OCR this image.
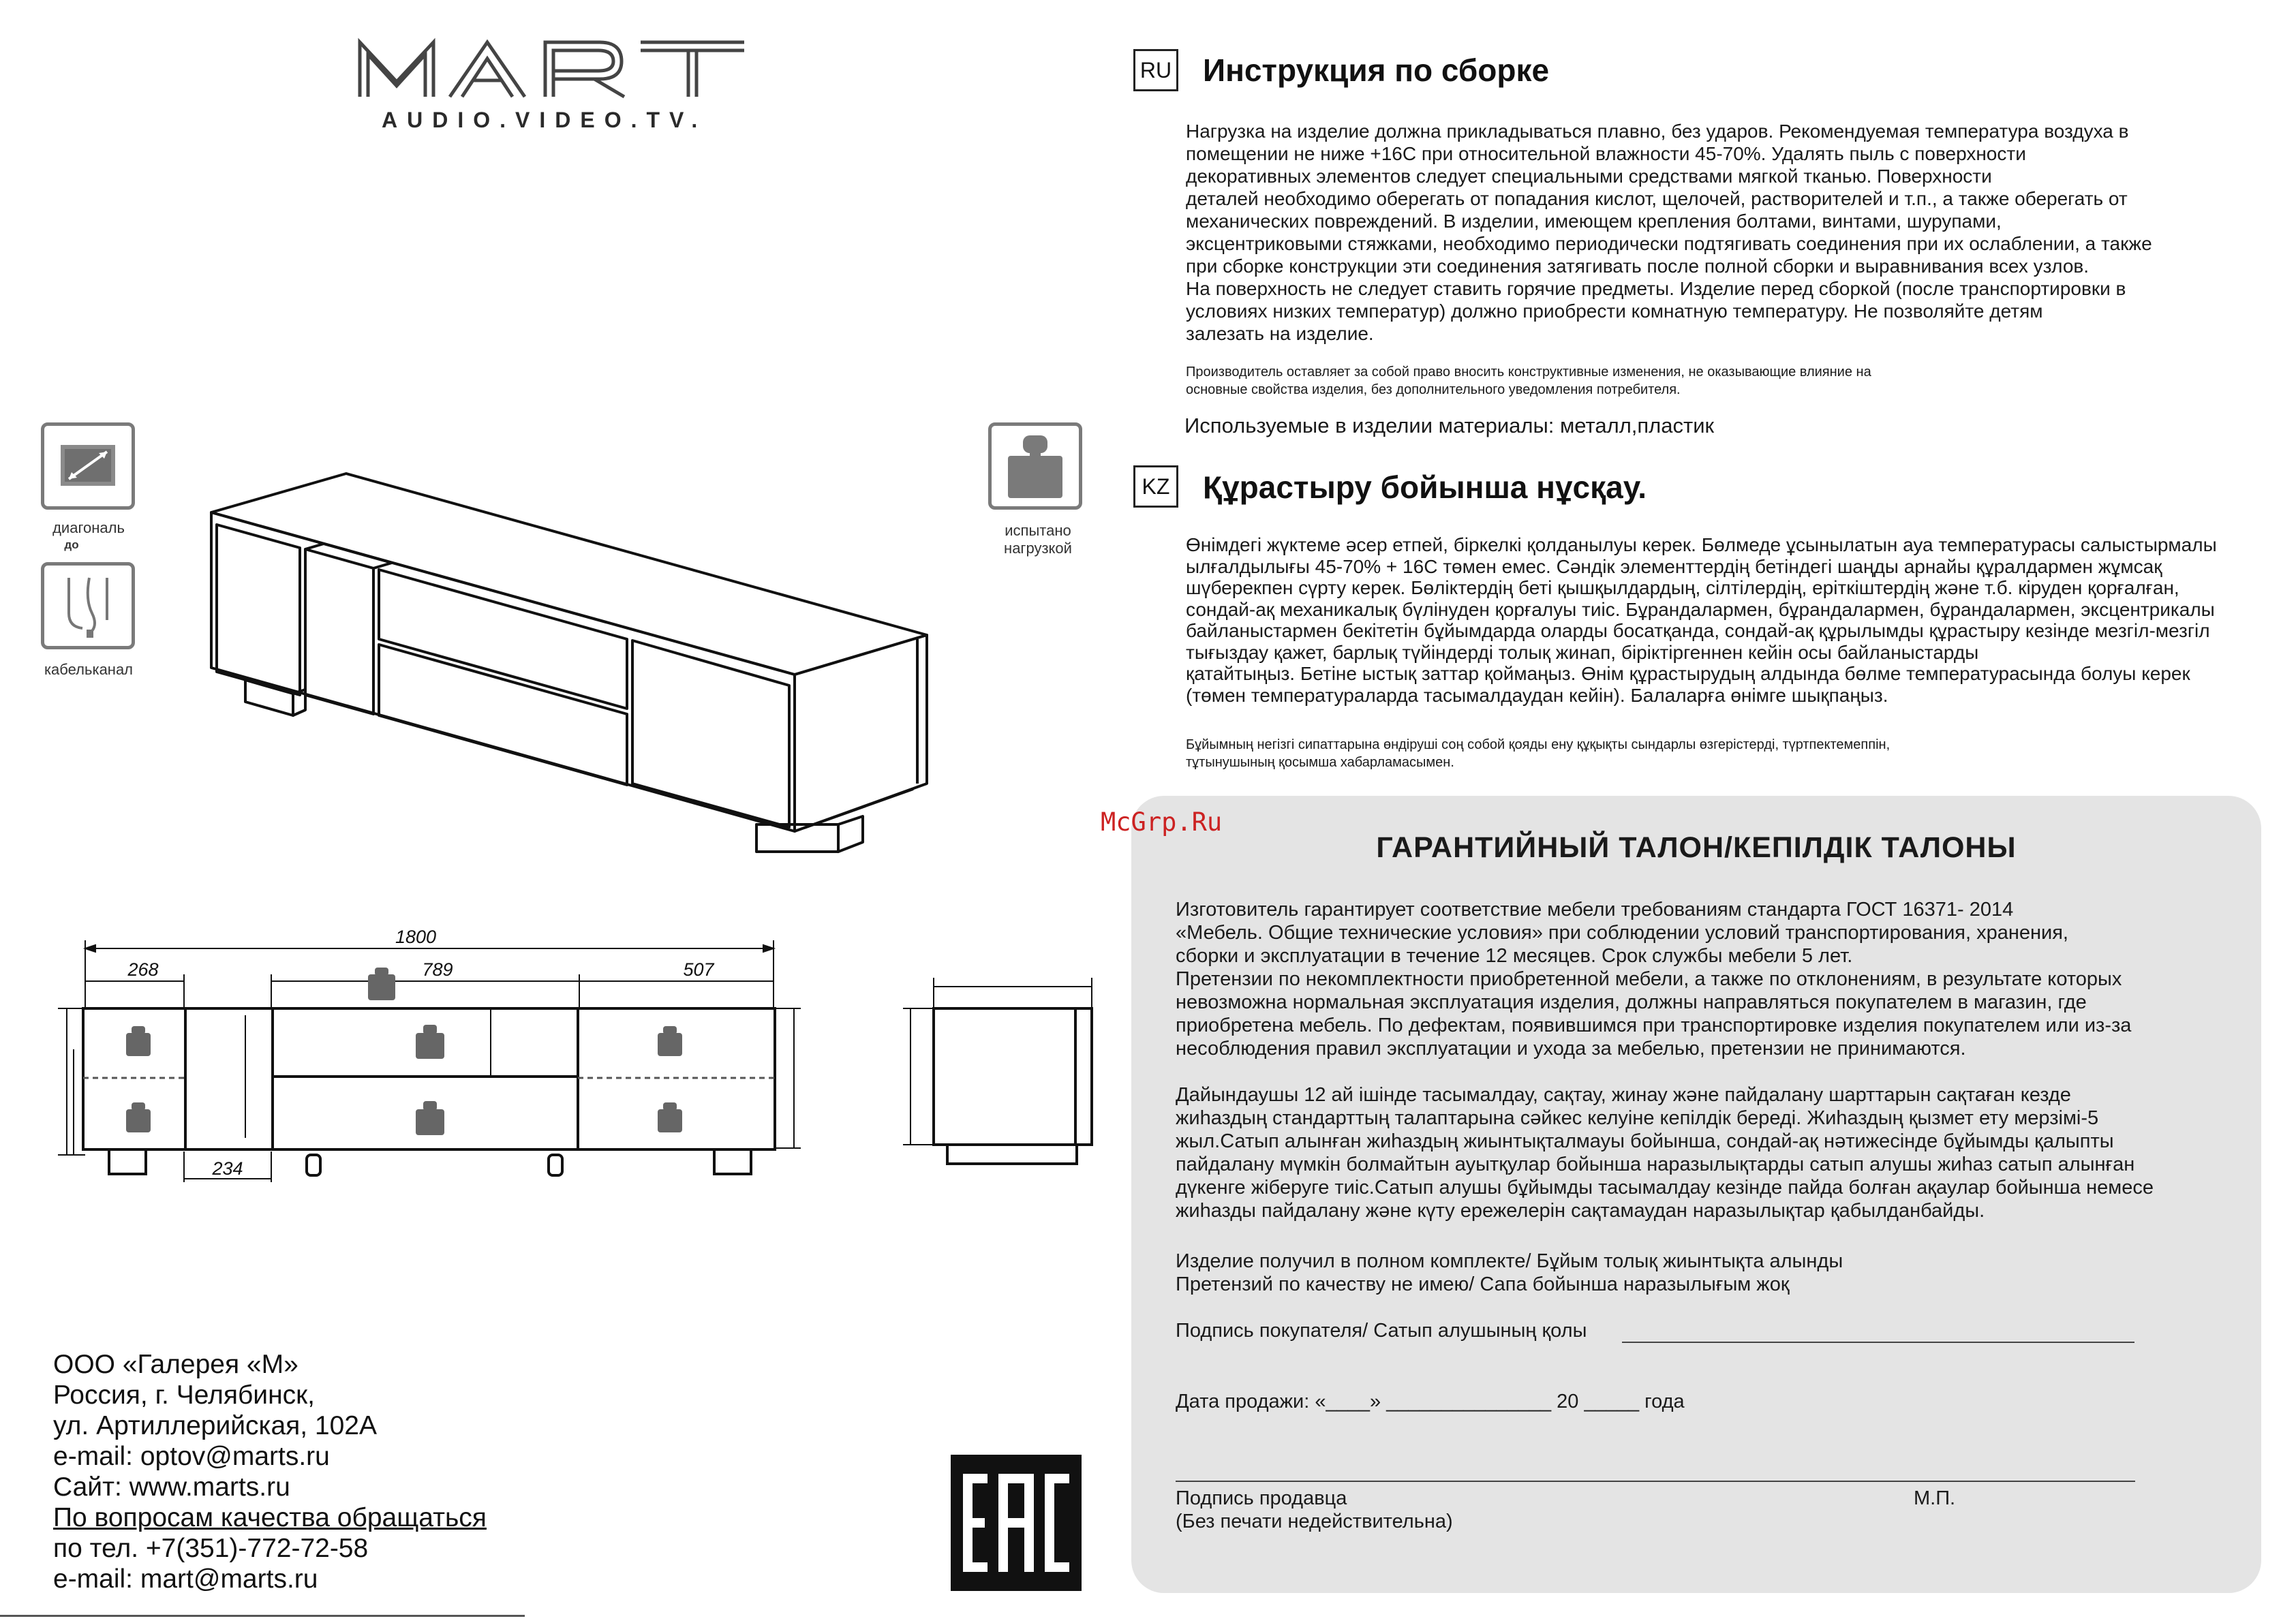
AUDIO.VIDEO.TV.
диагональ
до
кабельканал
испытано
нагрузкой
1800
268	789	507
234
ООО «Галерея «М»
Россия, г. Челябинск,
ул. Артиллерийская, 102А
e-mail: optov@marts.ru
Сайт: www.marts.ru
По вопросам качества обращаться
по тел. +7(351)-772-72-58
e-mail: mart@marts.ru
RU Инструкция по сборке
Нагрузка на изделие должна прикладываться плавно, без ударов. Рекомендуемая температура воздуха в
помещении не ниже +16С при относительной влажности 45-70%. Удалять пыль с поверхности
декоративных элементов следует специальными средствами мягкой тканью. Поверхности
деталей необходимо оберегать от попадания кислот, щелочей, растворителей и т.п., а также оберегать от
механических повреждений. В изделии, имеющем крепления болтами, винтами, шурупами,
эксцентриковыми стяжками, необходимо периодически подтягивать соединения при их ослаблении, а также
при сборке конструкции эти соединения затягивать после полной сборки и выравнивания всех узлов.
На поверхность не следует ставить горячие предметы. Изделие перед сборкой (после транспортировки в
условиях низких температур) должно приобрести комнатную температуру. Не позволяйте детям
залезать на изделие.
Производитель оставляет за собой право вносить конструктивные изменения, не оказывающие влияние на
основные свойства изделия, без дополнительного уведомления потребителя.
Используемые в изделии материалы: металл,пластик
KZ Құрастыру бойынша нұсқау.
Өнімдегі жүктеме әсер етпей, біркелкі қолданылуы керек. Бөлмеде ұсынылатын ауа температурасы салыстырмалы
ылғалдылығы 45-70% + 16С төмен емес. Сәндік элементтердің бетіндегі шаңды арнайы құралдармен жұмсақ
шүберекпен сүрту керек. Бөліктердің беті қышқылдардың, сілтілердің, еріткіштердің және т.б. кіруден қорғалған,
сондай-ақ механикалық бүлінуден қорғалуы тиіс. Бұрандалармен, бұрандалармен, бұрандалармен, эксцентрикалы
байланыстармен бекітетін бұйымдарда оларды босатқанда, сондай-ақ құрылымды құрастыру кезінде мезгіл-мезгіл
тығыздау қажет, барлық түйіндерді толық жинап, біріктіргеннен кейін осы байланыстарды
қатайтыңыз. Бетіне ыстық заттар қоймаңыз. Өнім құрастырудың алдында бөлме температурасында болуы керек
(төмен температураларда тасымалдаудан кейін). Балаларға өнімге шықпаңыз.
Бұйымның негізгі сипаттарына өндіруші соң собой қояды ену құқықты сындарлы өзгерістерді, түртпектемеппін,
тұтынушының қосымша хабарламасымен.
ГАРАНТИЙНЫЙ ТАЛОН/КЕПІЛДІК ТАЛОНЫ
Изготовитель гарантирует соответствие мебели требованиям стандарта ГОСТ 16371- 2014
«Мебель. Общие технические условия» при соблюдении условий транспортирования, хранения,
сборки и эксплуатации в течение 12 месяцев. Срок службы мебели 5 лет.
Претензии по некомплектности приобретенной мебели, а также по отклонениям, в результате которых
невозможна нормальная эксплуатация изделия, должны направляться покупателем в магазин, где
приобретена мебель. По дефектам, появившимся при транспортировке изделия покупателем или из-за
несоблюдения правил эксплуатации и ухода за мебелью, претензии не принимаются.
Дайындаушы 12 ай ішінде тасымалдау, сақтау, жинау және пайдалану шарттарын сақтаған кезде
жиһаздың стандарттың талаптарына сәйкес келуіне кепілдік береді. Жиһаздың қызмет ету мерзімі-5
жыл.Сатып алынған жиһаздың жиынтықталмауы бойынша, сондай-ақ нәтижесінде бұйымды қалыпты
пайдалану мүмкін болмайтын ауытқулар бойынша наразылықтарды сатып алушы жиһаз сатып алынған
дүкенге жіберуге тиіс.Сатып алушы бұйымды тасымалдау кезінде пайда болған ақаулар бойынша немесе
жиһазды пайдалану және күту ережелерін сақтамаудан наразылықтар қабылданбайды.
Изделие получил в полном комплекте/ Бұйым толық жиынтықта алынды
Претензий по качеству не имею/ Сапа бойынша наразылығым жоқ
Подпись покупателя/ Сатып алушының қолы
Дата продажи: «____» _______________ 20 _____ года
Подпись продавца
(Без печати недействительна)
М.П.
McGrp.Ru
